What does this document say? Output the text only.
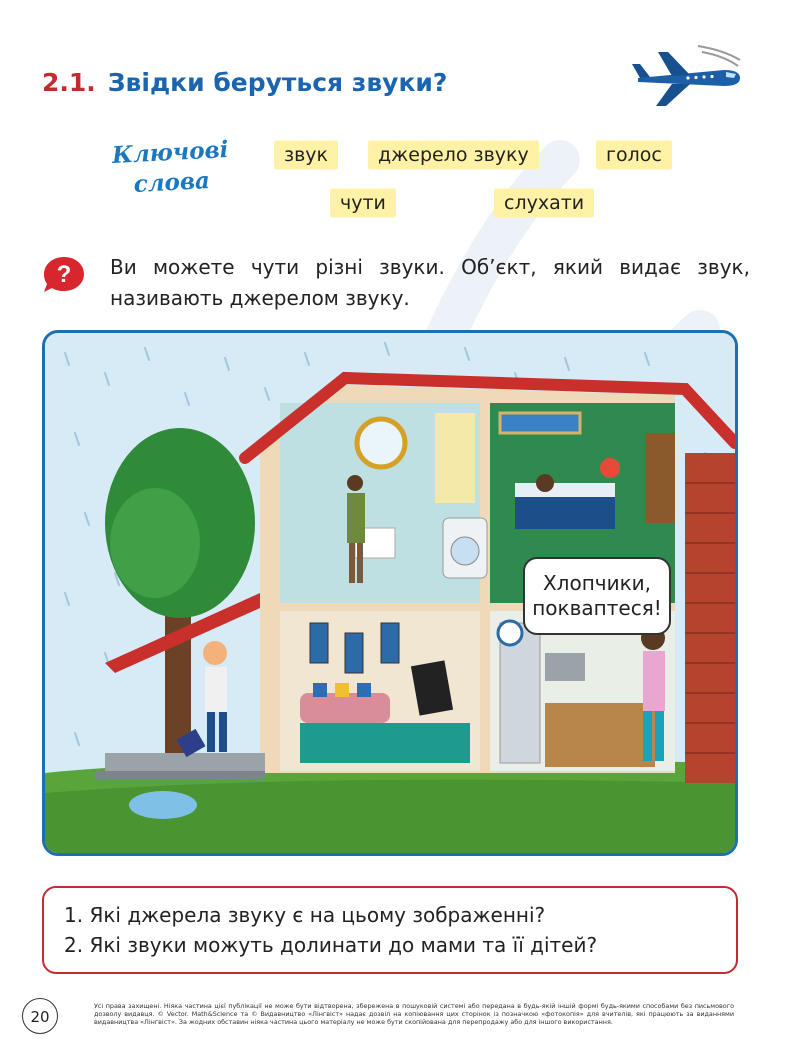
2.1. Звідки беруться звуки?
Ключові
слова
звук	джерело звуку	голос
чути	слухати
? Ви можете чути різні звуки. Об’єкт, який видає звук,
називають джерелом звуку.
Хлопчики,
поквaптеся!
1. Які джерела звуку є на цьому зображенні?
2. Які звуки можуть долинати до мами та її дітей?
20
Усі права захищені. Ніяка частина цієї публікації не може бути відтворена, збережена в пошуковій системі або передана в будь-якій іншій формі будь-якими способами без письмового дозволу видавця. © Vector. Math&Science та © Видавництво «Лінгвіст» надає дозвіл на копіювання цих сторінок із позначкою «фотокопія» для вчителів, які працюють за виданнями видавництва «Лінгвіст». За жодних обставин ніяка частина цього матеріалу не може бути скопійована для перепродажу або для іншого використання.
